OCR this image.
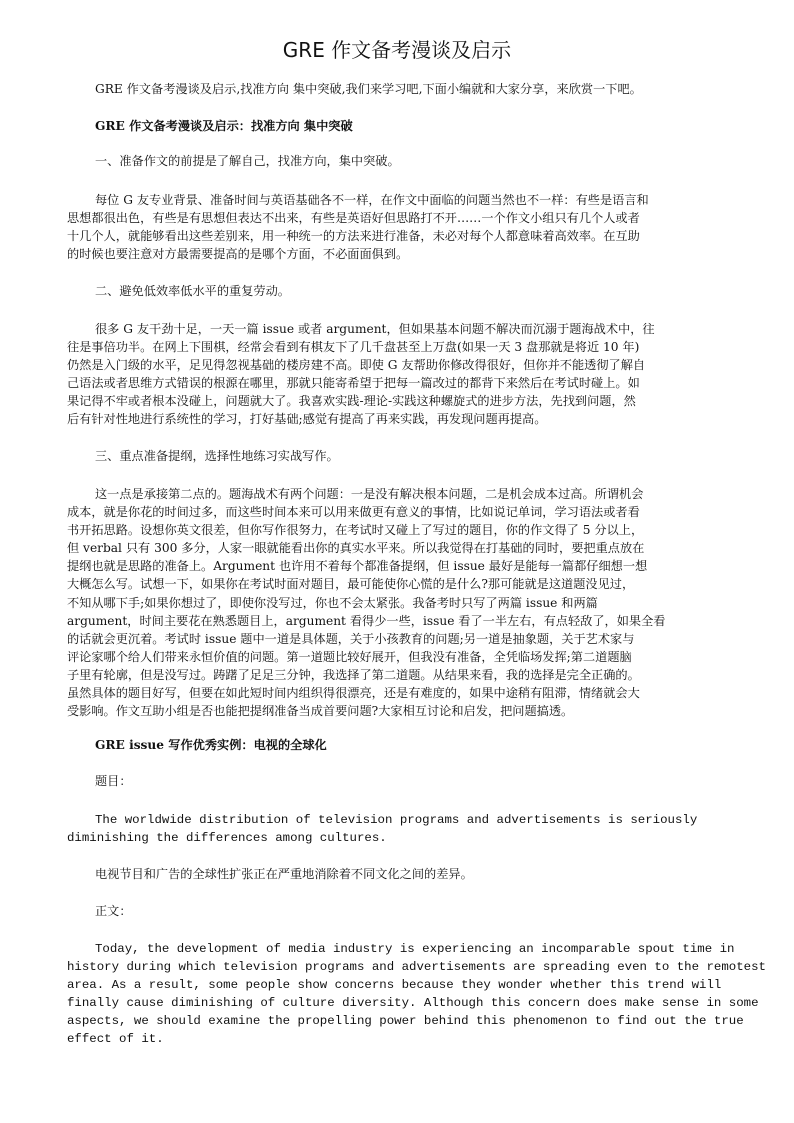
GRE 作文备考漫谈及启示
GRE 作文备考漫谈及启示,找准方向 集中突破,我们来学习吧,下面小编就和大家分享，来欣赏一下吧。
GRE 作文备考漫谈及启示：找准方向 集中突破
一、准备作文的前提是了解自己，找准方向，集中突破。
每位 G 友专业背景、准备时间与英语基础各不一样，在作文中面临的问题当然也不一样：有些是语言和
思想都很出色，有些是有思想但表达不出来，有些是英语好但思路打不开……一个作文小组只有几个人或者
十几个人，就能够看出这些差别来，用一种统一的方法来进行准备，未必对每个人都意味着高效率。在互助
的时候也要注意对方最需要提高的是哪个方面，不必面面俱到。
二、避免低效率低水平的重复劳动。
很多 G 友干劲十足，一天一篇 issue 或者 argument，但如果基本问题不解决而沉溺于题海战术中，往
往是事倍功半。在网上下围棋，经常会看到有棋友下了几千盘甚至上万盘(如果一天 3 盘那就是将近 10 年)
仍然是入门级的水平，足见得忽视基础的楼房建不高。即使 G 友帮助你修改得很好，但你并不能透彻了解自
己语法或者思维方式错误的根源在哪里，那就只能寄希望于把每一篇改过的都背下来然后在考试时碰上。如
果记得不牢或者根本没碰上，问题就大了。我喜欢实践-理论-实践这种螺旋式的进步方法，先找到问题，然
后有针对性地进行系统性的学习，打好基础;感觉有提高了再来实践，再发现问题再提高。
三、重点准备提纲，选择性地练习实战写作。
这一点是承接第二点的。题海战术有两个问题：一是没有解决根本问题，二是机会成本过高。所谓机会
成本，就是你花的时间过多，而这些时间本来可以用来做更有意义的事情，比如说记单词，学习语法或者看
书开拓思路。设想你英文很差，但你写作很努力，在考试时又碰上了写过的题目，你的作文得了 5 分以上，
但 verbal 只有 300 多分，人家一眼就能看出你的真实水平来。所以我觉得在打基础的同时，要把重点放在
提纲也就是思路的准备上。Argument 也许用不着每个都准备提纲，但 issue 最好是能每一篇都仔细想一想
大概怎么写。试想一下，如果你在考试时面对题目，最可能使你心慌的是什么?那可能就是这道题没见过，
不知从哪下手;如果你想过了，即使你没写过，你也不会太紧张。我备考时只写了两篇 issue 和两篇
argument，时间主要花在熟悉题目上，argument 看得少一些，issue 看了一半左右，有点轻敌了，如果全看
的话就会更沉着。考试时 issue 题中一道是具体题，关于小孩教育的问题;另一道是抽象题，关于艺术家与
评论家哪个给人们带来永恒价值的问题。第一道题比较好展开，但我没有准备，全凭临场发挥;第二道题脑
子里有轮廓，但是没写过。踌躇了足足三分钟，我选择了第二道题。从结果来看，我的选择是完全正确的。
虽然具体的题目好写，但要在如此短时间内组织得很漂亮，还是有难度的，如果中途稍有阻滞，情绪就会大
受影响。作文互助小组是否也能把提纲准备当成首要问题?大家相互讨论和启发，把问题搞透。
GRE issue 写作优秀实例：电视的全球化
题目：
The worldwide distribution of television programs and advertisements is seriously
diminishing the differences among cultures.
电视节目和广告的全球性扩张正在严重地消除着不同文化之间的差异。
正文：
Today, the development of media industry is experiencing an incomparable spout time in
history during which television programs and advertisements are spreading even to the remotest
area. As a result, some people show concerns because they wonder whether this trend will
finally cause diminishing of culture diversity. Although this concern does make sense in some
aspects, we should examine the propelling power behind this phenomenon to find out the true
effect of it.
